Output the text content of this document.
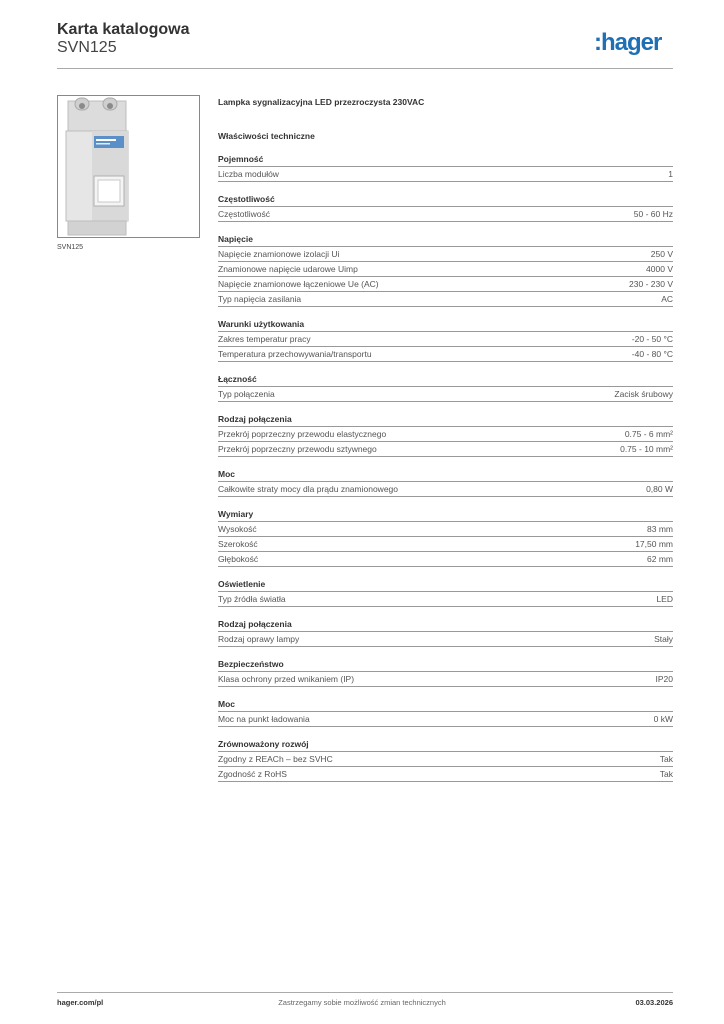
Karta katalogowa
SVN125	:hager
SVN125
Lampka sygnalizacyjna LED przezroczysta 230VAC
Właściwości techniczne
Pojemność
Liczba modułów	1
Częstotliwość
Częstotliwość	50 - 60 Hz
Napięcie
Napięcie znamionowe izolacji Ui	250 V
Znamionowe napięcie udarowe Uimp	4000 V
Napięcie znamionowe łączeniowe Ue (AC)	230 - 230 V
Typ napięcia zasilania	AC
Warunki użytkowania
Zakres temperatur pracy	-20 - 50 °C
Temperatura przechowywania/transportu	-40 - 80 °C
Łączność
Typ połączenia	Zacisk śrubowy
Rodzaj połączenia
Przekrój poprzeczny przewodu elastycznego	0.75 - 6 mm²
Przekrój poprzeczny przewodu sztywnego	0.75 - 10 mm²
Moc
Całkowite straty mocy dla prądu znamionowego	0,80 W
Wymiary
Wysokość	83 mm
Szerokość	17,50 mm
Głębokość	62 mm
Oświetlenie
Typ źródła światła	LED
Rodzaj połączenia
Rodzaj oprawy lampy	Stały
Bezpieczeństwo
Klasa ochrony przed wnikaniem (IP)	IP20
Moc
Moc na punkt ładowania	0 kW
Zrównoważony rozwój
Zgodny z REACh – bez SVHC	Tak
Zgodność z RoHS	Tak
hager.com/pl	Zastrzegamy sobie możliwość zmian technicznych	03.03.2026
